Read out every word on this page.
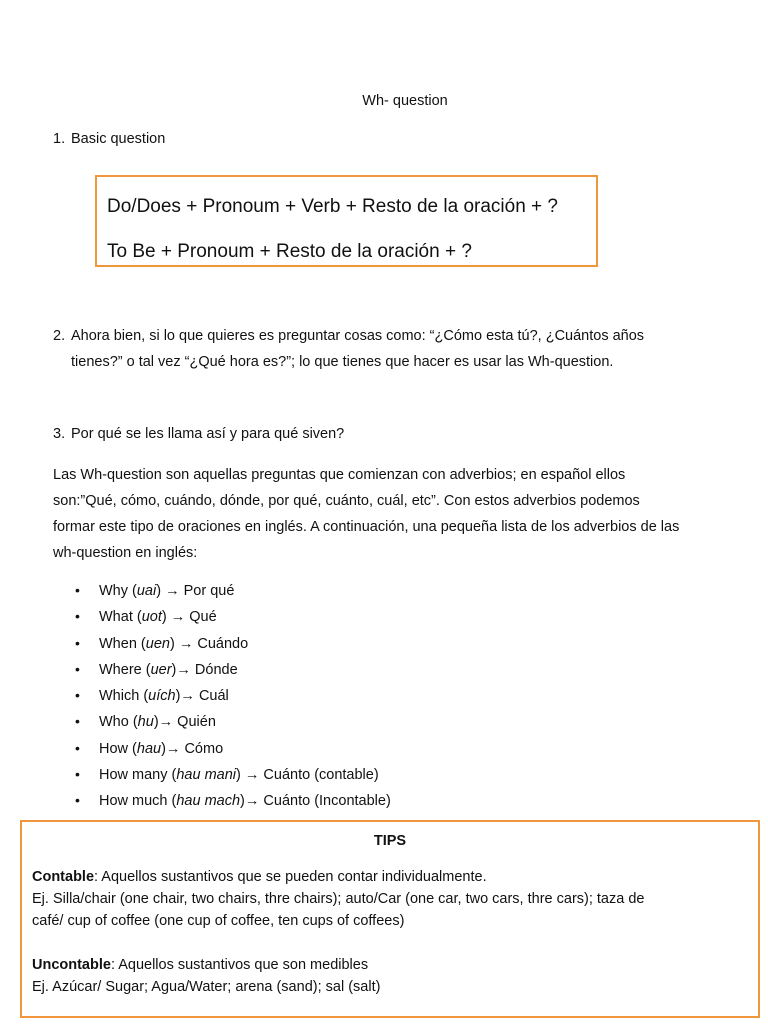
Wh- question
1. Basic question
Do/Does + Pronoum + Verb + Resto de la oración + ?
To Be + Pronoum + Resto de la oración + ?
2. Ahora bien, si lo que quieres es preguntar cosas como: “¿Cómo esta tú?, ¿Cuántos años
tienes?” o tal vez “¿Qué hora es?”; lo que tienes que hacer es usar las Wh-question.
3. Por qué se les llama así y para qué siven?
Las Wh-question son aquellas preguntas que comienzan con adverbios; en español ellos
son:”Qué, cómo, cuándo, dónde, por qué, cuánto, cuál, etc”. Con estos adverbios podemos
formar este tipo de oraciones en inglés. A continuación, una pequeña lista de los adverbios de las
wh-question en inglés:
• Why (uai) → Por qué
• What (uot) → Qué
• When (uen) → Cuándo
• Where (uer)→ Dónde
• Which (uích)→ Cuál
• Who (hu)→ Quién
• How (hau)→ Cómo
• How many (hau mani) → Cuánto (contable)
• How much (hau mach)→ Cuánto (Incontable)
TIPS
Contable: Aquellos sustantivos que se pueden contar individualmente.
Ej. Silla/chair (one chair, two chairs, thre chairs); auto/Car (one car, two cars, thre cars); taza de
café/ cup of coffee (one cup of coffee, ten cups of coffees)
Uncontable: Aquellos sustantivos que son medibles
Ej. Azúcar/ Sugar; Agua/Water; arena (sand); sal (salt)
